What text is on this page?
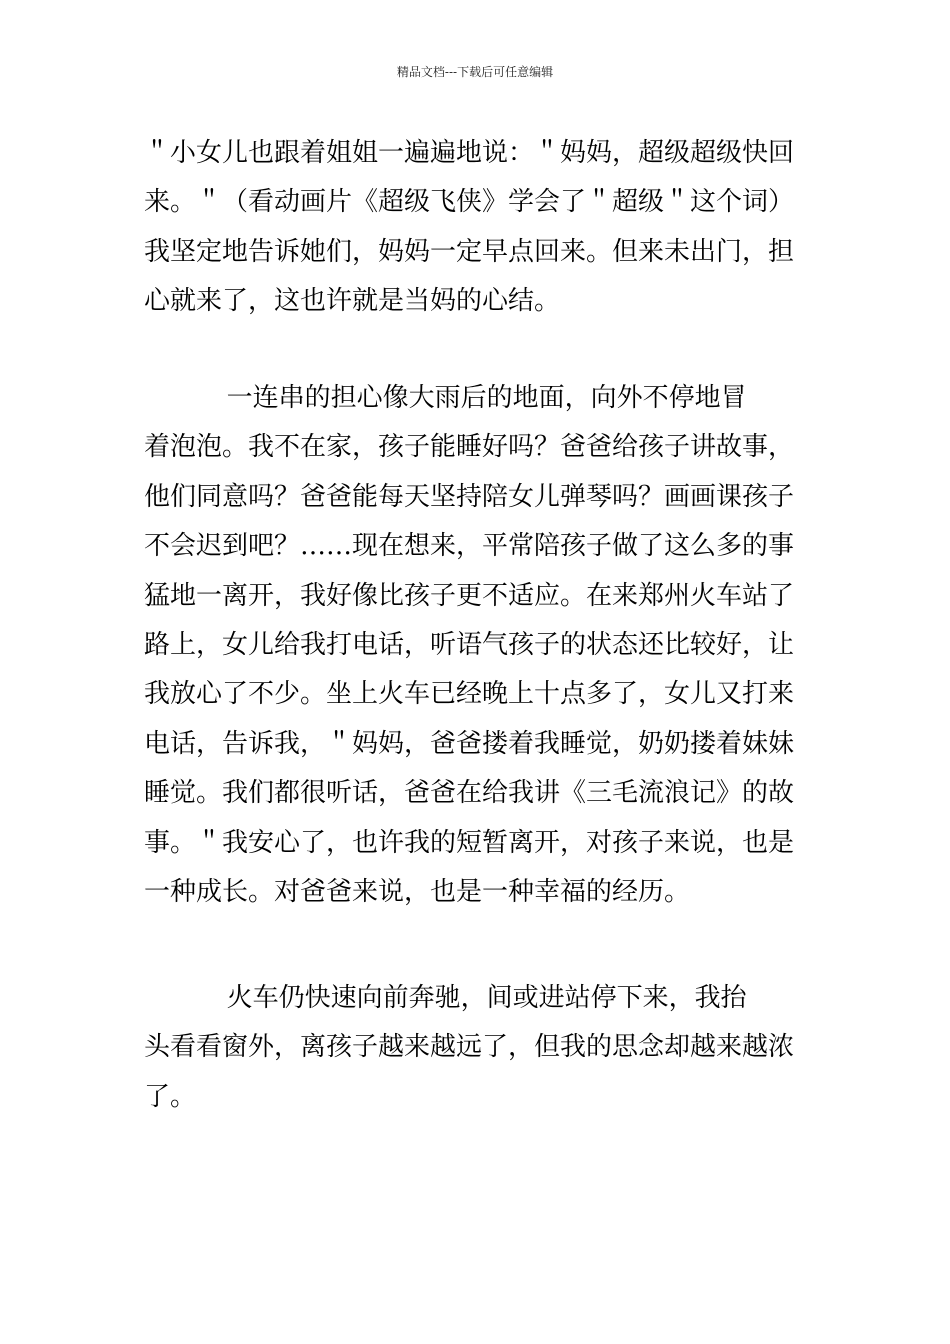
精品文档---下载后可任意编辑
＂小女儿也跟着姐姐一遍遍地说：＂妈妈，超级超级快回
来。＂（看动画片《超级飞侠》学会了＂超级＂这个词）
我坚定地告诉她们，妈妈一定早点回来。但来未出门，担
心就来了，这也许就是当妈的心结。
一连串的担心像大雨后的地面，向外不停地冒
着泡泡。我不在家，孩子能睡好吗？爸爸给孩子讲故事，
他们同意吗？爸爸能每天坚持陪女儿弹琴吗？画画课孩子
不会迟到吧？……现在想来，平常陪孩子做了这么多的事
猛地一离开，我好像比孩子更不适应。在来郑州火车站了
路上，女儿给我打电话，听语气孩子的状态还比较好，让
我放心了不少。坐上火车已经晚上十点多了，女儿又打来
电话，告诉我，＂妈妈，爸爸搂着我睡觉，奶奶搂着妹妹
睡觉。我们都很听话，爸爸在给我讲《三毛流浪记》的故
事。＂我安心了，也许我的短暂离开，对孩子来说，也是
一种成长。对爸爸来说，也是一种幸福的经历。
火车仍快速向前奔驰，间或进站停下来，我抬
头看看窗外，离孩子越来越远了，但我的思念却越来越浓
了。
